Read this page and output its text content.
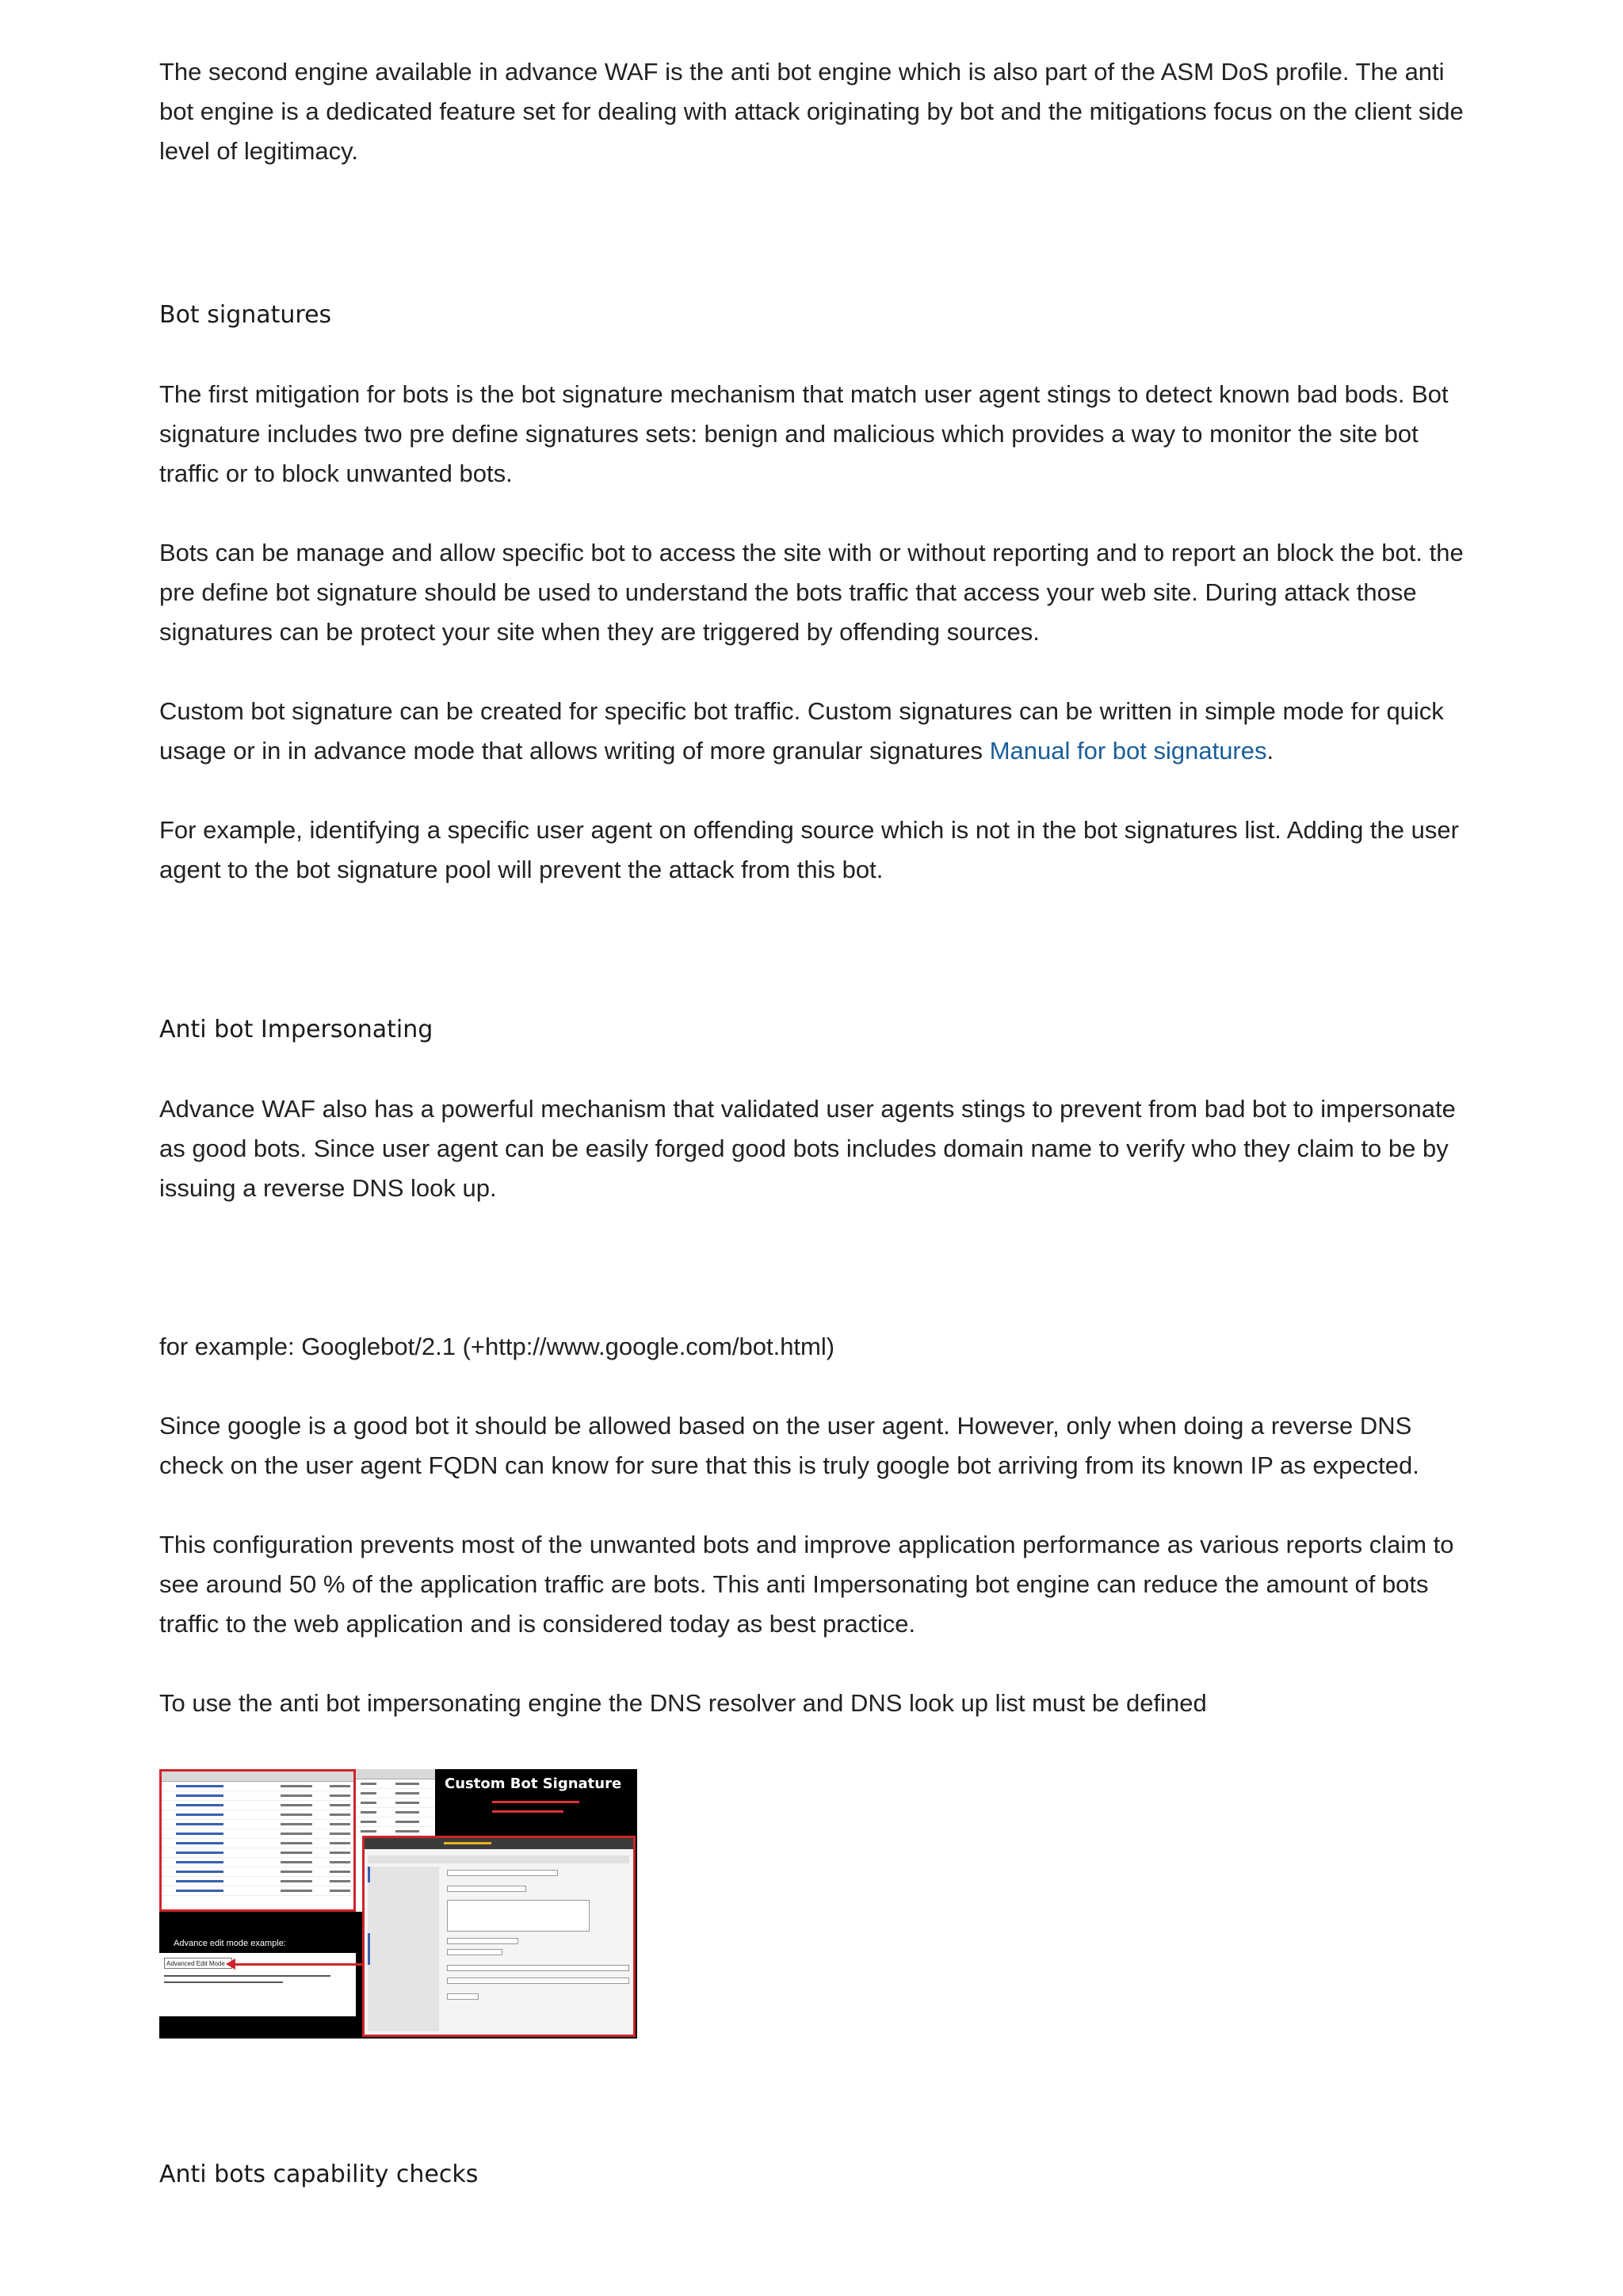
The second engine available in advance WAF is the anti bot engine which is also part of the ASM DoS profile. The anti bot engine is a dedicated feature set for dealing with attack originating by bot and the mitigations focus on the client side level of legitimacy.

Bot signatures

The first mitigation for bots is the bot signature mechanism that match user agent stings to detect known bad bods. Bot signature includes two pre define signatures sets: benign and malicious which provides a way to monitor the site bot traffic or to block unwanted bots.

Bots can be manage and allow specific bot to access the site with or without reporting and to report an block the bot. the pre define bot signature should be used to understand the bots traffic that access your web site. During attack those signatures can be protect your site when they are triggered by offending sources.

Custom bot signature can be created for specific bot traffic. Custom signatures can be written in simple mode for quick usage or in in advance mode that allows writing of more granular signatures Manual for bot signatures.

For example, identifying a specific user agent on offending source which is not in the bot signatures list. Adding the user agent to the bot signature pool will prevent the attack from this bot.

Anti bot Impersonating

Advance WAF also has a powerful mechanism that validated user agents stings to prevent from bad bot to impersonate as good bots. Since user agent can be easily forged good bots includes domain name to verify who they claim to be by issuing a reverse DNS look up.

for example: Googlebot/2.1 (+http://www.google.com/bot.html)

Since google is a good bot it should be allowed based on the user agent. However, only when doing a reverse DNS check on the user agent FQDN can know for sure that this is truly google bot arriving from its known IP as expected.

This configuration prevents most of the unwanted bots and improve application performance as various reports claim to see around 50 % of the application traffic are bots. This anti Impersonating bot engine can reduce the amount of bots traffic to the web application and is considered today as best practice.

To use the anti bot impersonating engine the DNS resolver and DNS look up list must be defined

Anti bots capability checks
Custom Bot Signature
Advance edit mode example:
Advanced Edit Mode
